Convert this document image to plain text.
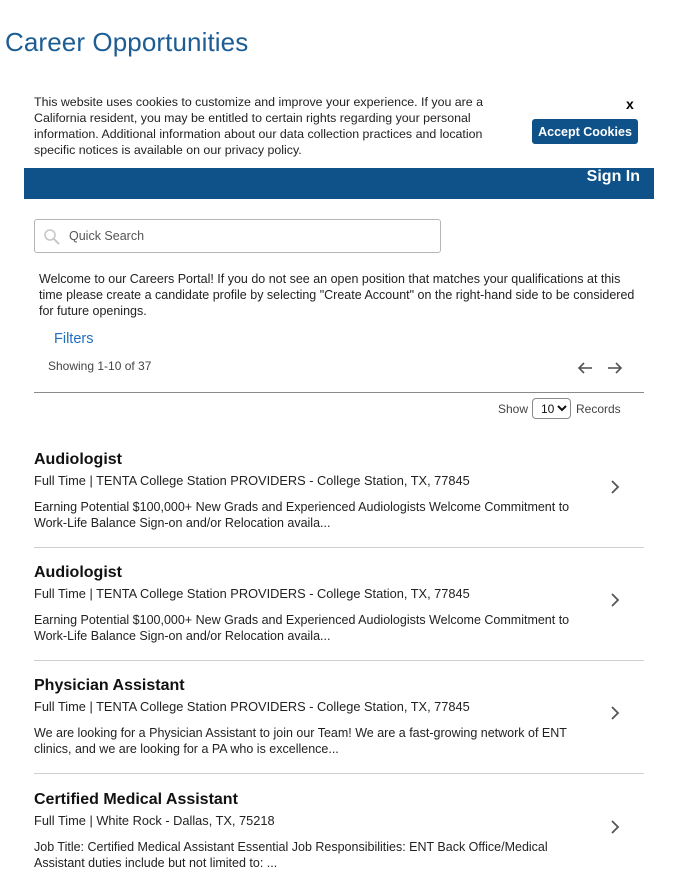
Career Opportunities
This website uses cookies to customize and improve your experience. If you are a California resident, you may be entitled to certain rights regarding your personal information. Additional information about our data collection practices and location specific notices is available on our privacy policy.
x
Accept Cookies
Sign In
Quick Search
Welcome to our Careers Portal! If you do not see an open position that matches your qualifications at this time please create a candidate profile by selecting "Create Account" on the right-hand side to be considered for future openings.
Filters
Showing 1-10 of 37
Show
10	Records
Audiologist
Full Time | TENTA College Station PROVIDERS - College Station, TX, 77845
Earning Potential $100,000+ New Grads and Experienced Audiologists Welcome Commitment to Work-Life Balance Sign-on and/or Relocation availa...
Audiologist
Full Time | TENTA College Station PROVIDERS - College Station, TX, 77845
Earning Potential $100,000+ New Grads and Experienced Audiologists Welcome Commitment to Work-Life Balance Sign-on and/or Relocation availa...
Physician Assistant
Full Time | TENTA College Station PROVIDERS - College Station, TX, 77845
We are looking for a Physician Assistant to join our Team! We are a fast-growing network of ENT clinics, and we are looking for a PA who is excellence...
Certified Medical Assistant
Full Time | White Rock - Dallas, TX, 75218
Job Title: Certified Medical Assistant Essential Job Responsibilities: ENT Back Office/Medical Assistant duties include but not limited to: ...
